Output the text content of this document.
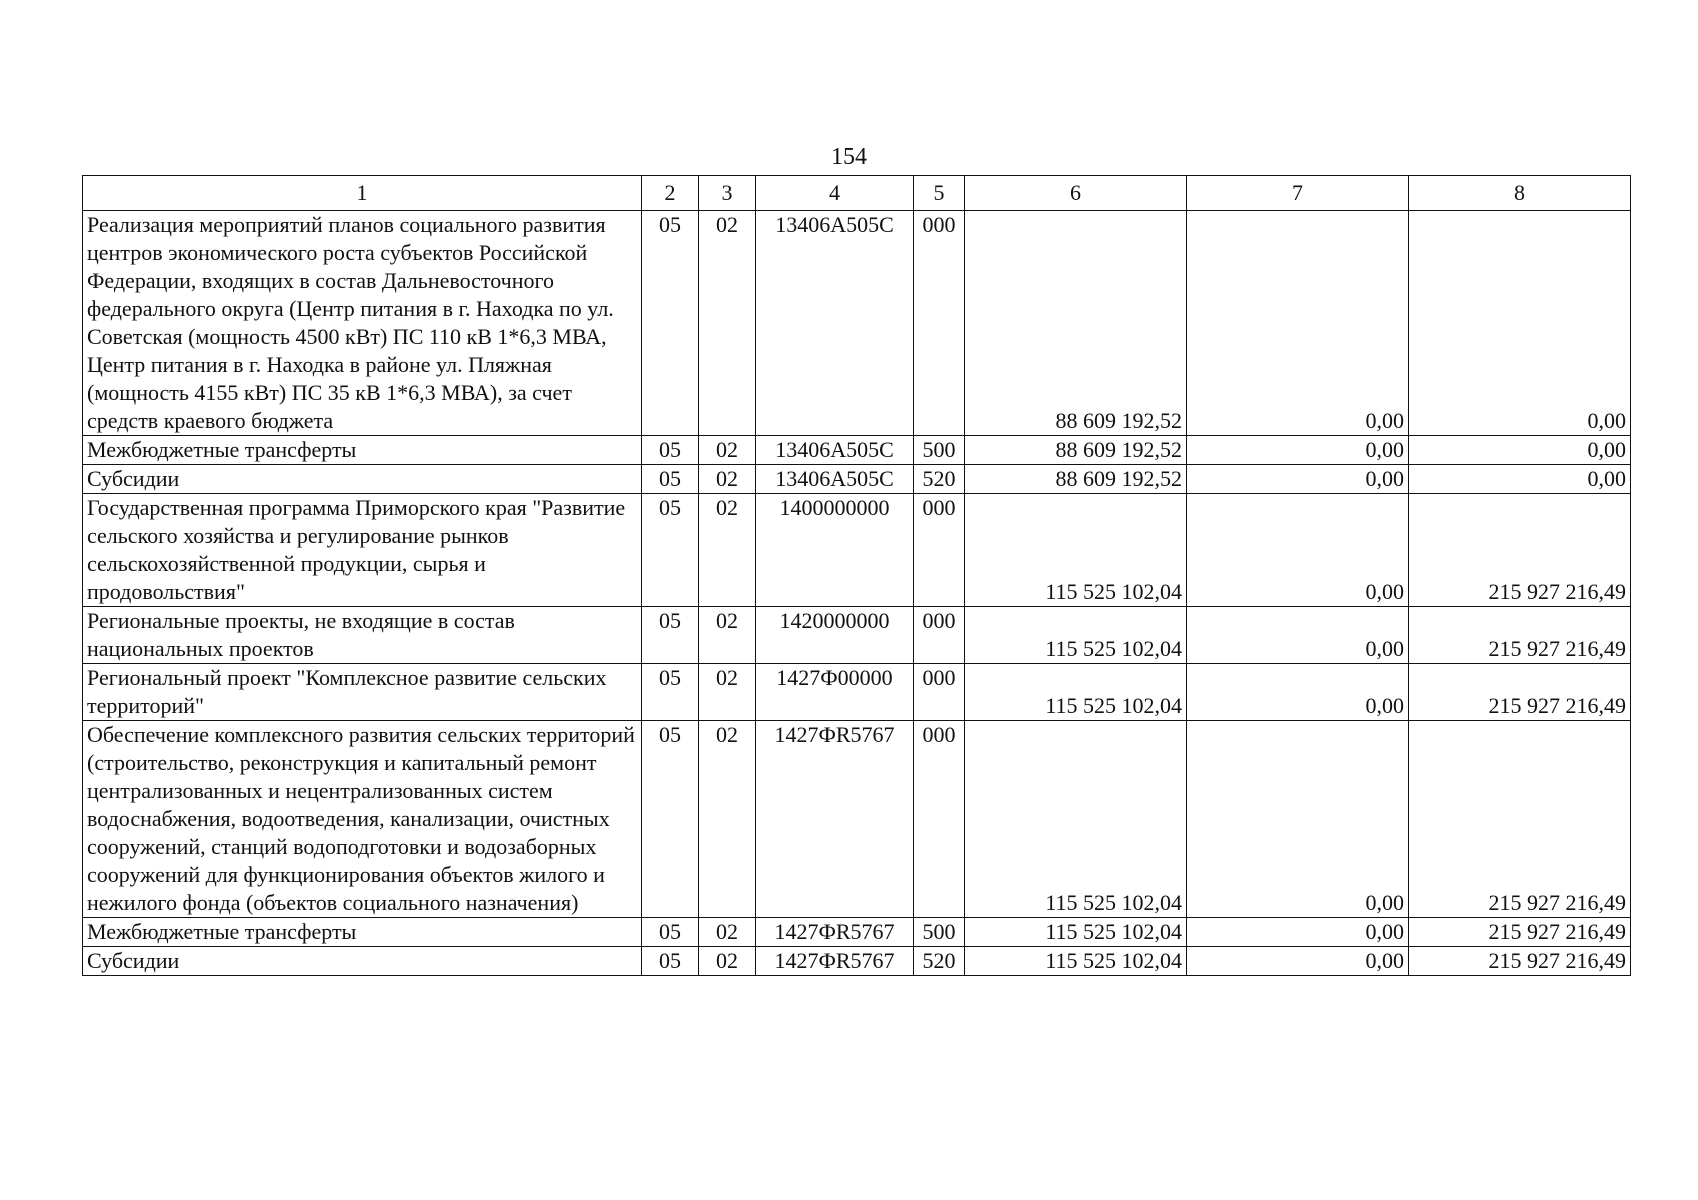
154
1	2	3	4	5	6	7	8
Реализация мероприятий планов социального развития центров экономического роста субъектов Российской Федерации, входящих в состав Дальневосточного федерального округа (Центр питания в г. Находка по ул. Советская (мощность 4500 кВт) ПС 110 кВ 1*6,3 МВА, Центр питания в г. Находка в районе ул. Пляжная (мощность 4155 кВт) ПС 35 кВ 1*6,3 МВА), за счет средств краевого бюджета	05	02	13406A505C	000	88 609 192,52	0,00	0,00
Межбюджетные трансферты	05	02	13406A505C	500	88 609 192,52	0,00	0,00
Субсидии	05	02	13406A505C	520	88 609 192,52	0,00	0,00
Государственная программа Приморского края "Развитие сельского хозяйства и регулирование рынков сельскохозяйственной продукции, сырья и продовольствия"	05	02	1400000000	000	115 525 102,04	0,00	215 927 216,49
Региональные проекты, не входящие в состав национальных проектов	05	02	1420000000	000	115 525 102,04	0,00	215 927 216,49
Региональный проект "Комплексное развитие сельских территорий"	05	02	1427Ф00000	000	115 525 102,04	0,00	215 927 216,49
Обеспечение комплексного развития сельских территорий (строительство, реконструкция и капитальный ремонт централизованных и нецентрализованных систем водоснабжения, водоотведения, канализации, очистных сооружений, станций водоподготовки и водозаборных сооружений для функционирования объектов жилого и нежилого фонда (объектов социального назначения)	05	02	1427ФR5767	000	115 525 102,04	0,00	215 927 216,49
Межбюджетные трансферты	05	02	1427ФR5767	500	115 525 102,04	0,00	215 927 216,49
Субсидии	05	02	1427ФR5767	520	115 525 102,04	0,00	215 927 216,49
